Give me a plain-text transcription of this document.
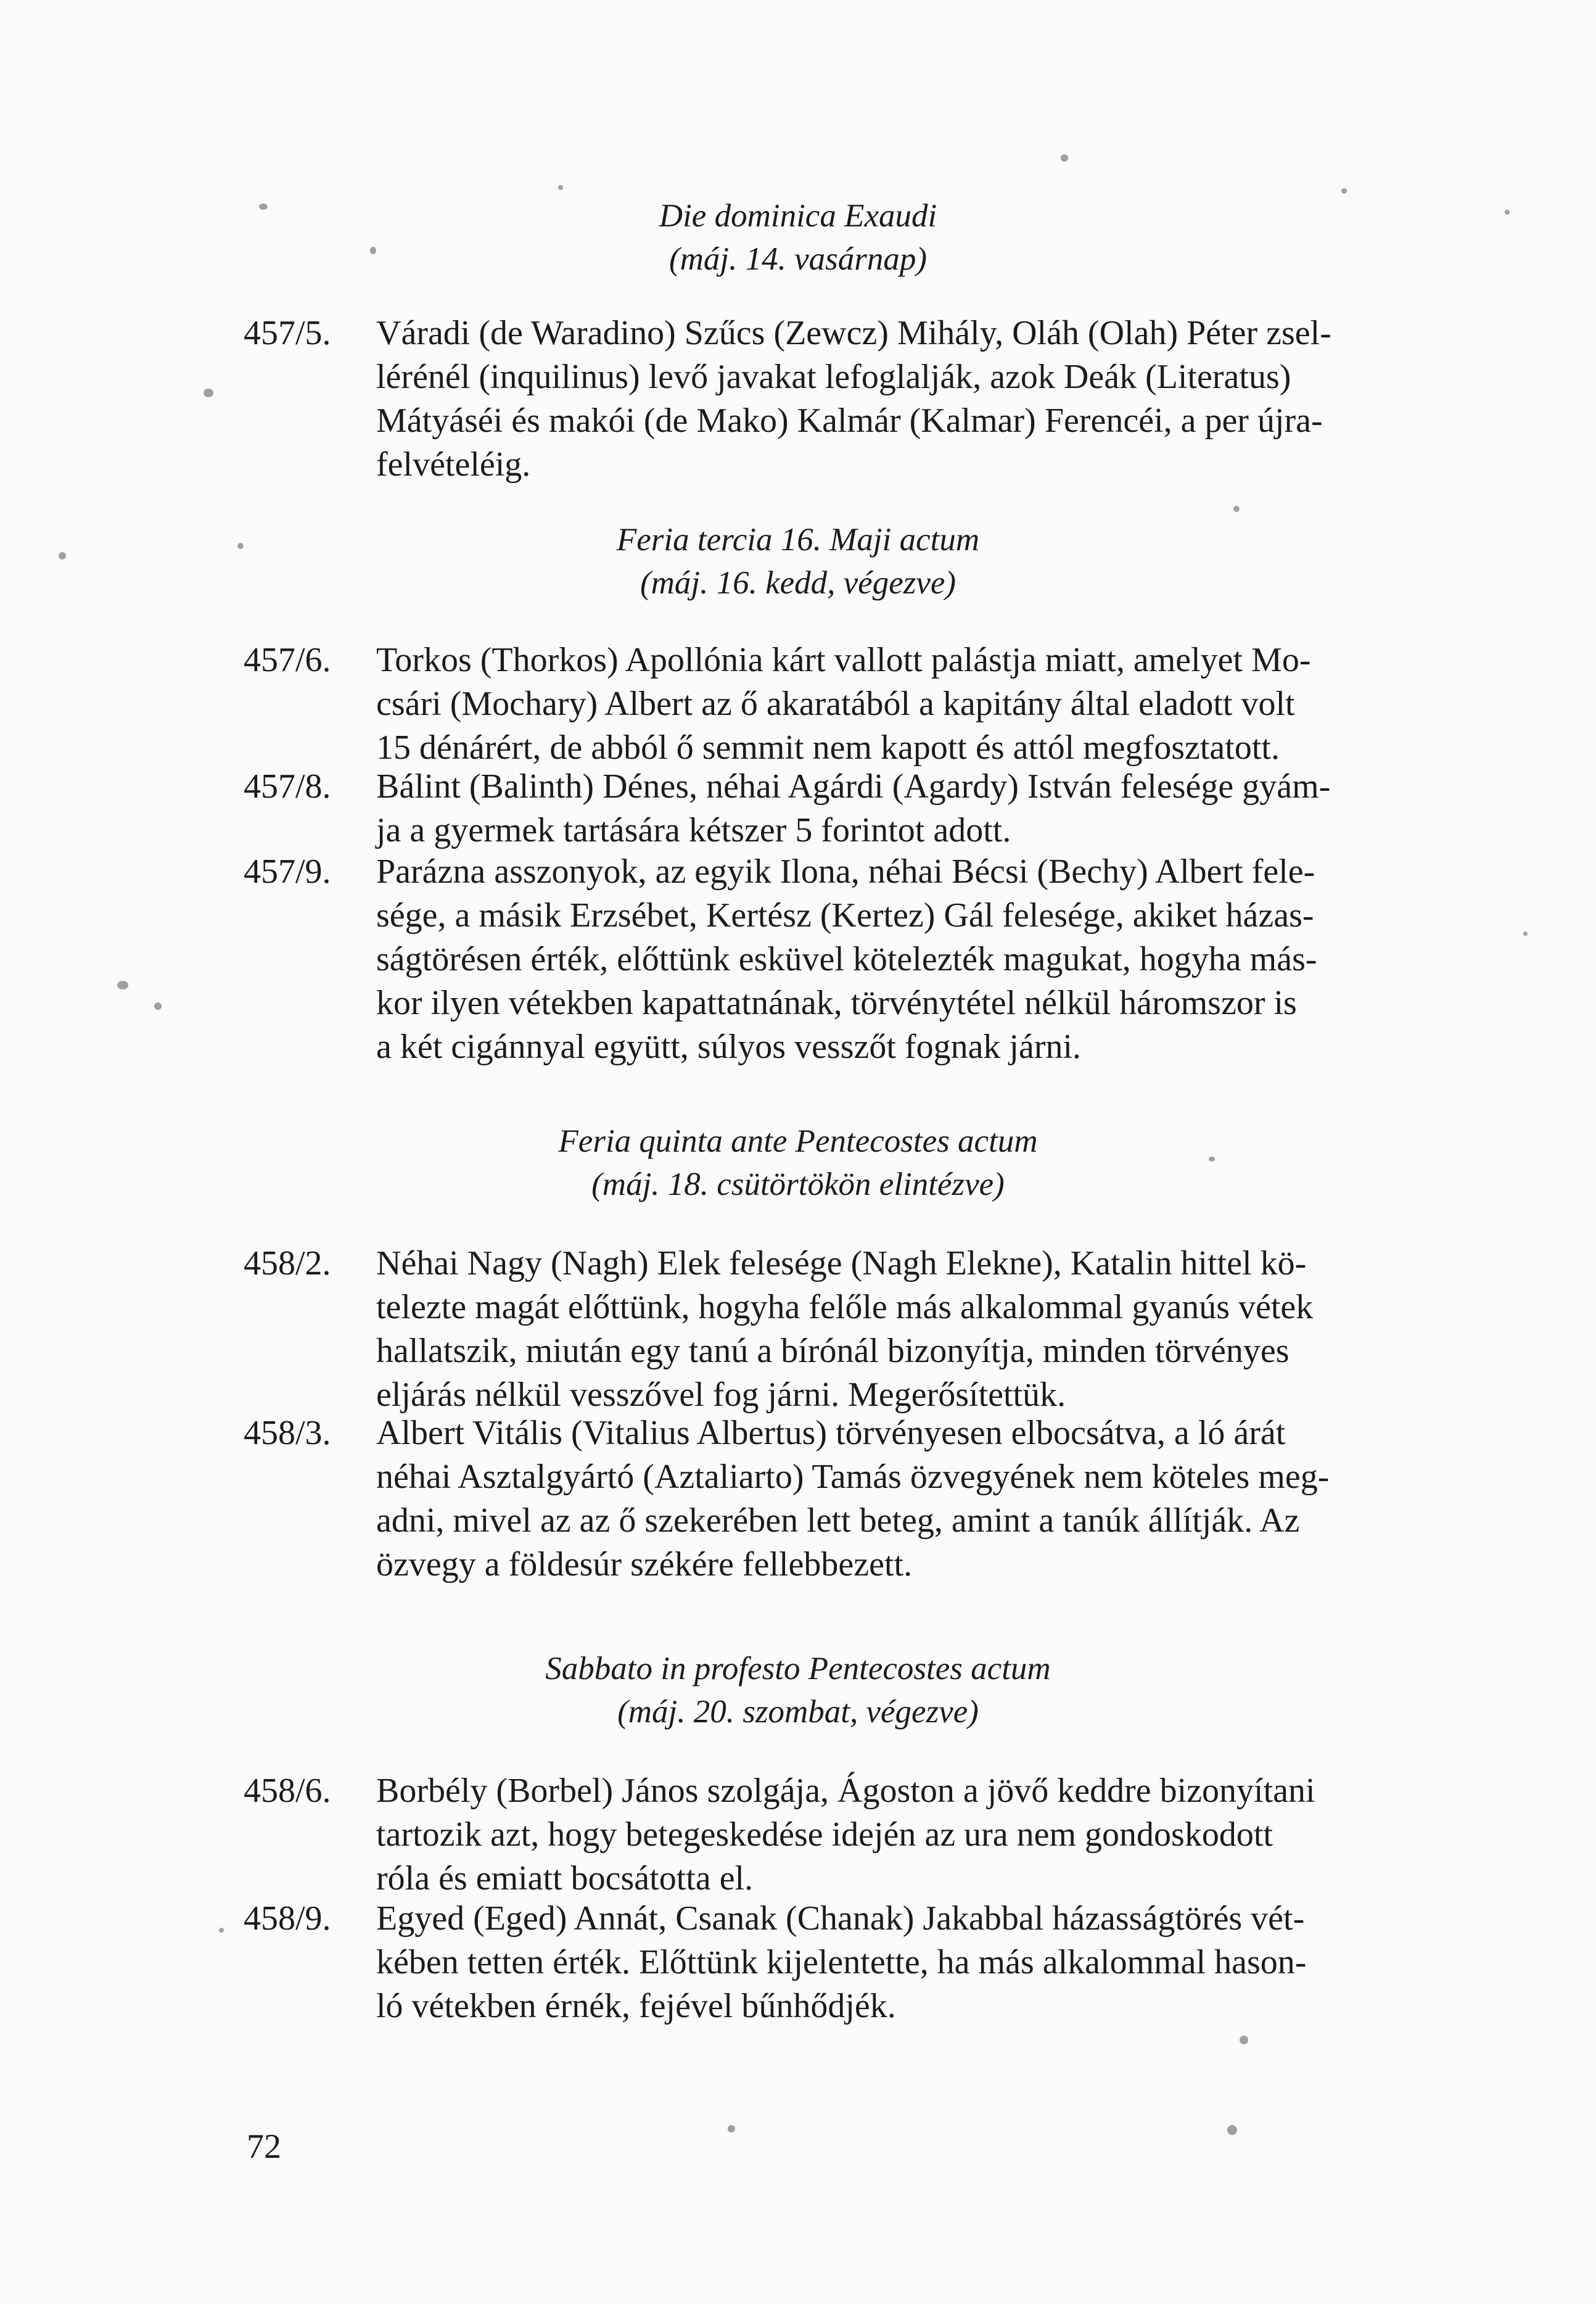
Die dominica Exaudi
(máj. 14. vasárnap)
457/5.	Váradi (de Waradino) Szűcs (Zewcz) Mihály, Oláh (Olah) Péter zsel-
lérénél (inquilinus) levő javakat lefoglalják, azok Deák (Literatus)
Mátyáséi és makói (de Mako) Kalmár (Kalmar) Ferencéi, a per újra-
felvételéig.
Feria tercia 16. Maji actum
(máj. 16. kedd, végezve)
457/6.	Torkos (Thorkos) Apollónia kárt vallott palástja miatt, amelyet Mo-
csári (Mochary) Albert az ő akaratából a kapitány által eladott volt
15 dénárért, de abból ő semmit nem kapott és attól megfosztatott.
457/8.	Bálint (Balinth) Dénes, néhai Agárdi (Agardy) István felesége gyám-
ja a gyermek tartására kétszer 5 forintot adott.
457/9.	Parázna asszonyok, az egyik Ilona, néhai Bécsi (Bechy) Albert fele-
sége, a másik Erzsébet, Kertész (Kertez) Gál felesége, akiket házas-
ságtörésen érték, előttünk esküvel kötelezték magukat, hogyha más-
kor ilyen vétekben kapattatnának, törvénytétel nélkül háromszor is
a két cigánnyal együtt, súlyos vesszőt fognak járni.
Feria quinta ante Pentecostes actum
(máj. 18. csütörtökön elintézve)
458/2.	Néhai Nagy (Nagh) Elek felesége (Nagh Elekne), Katalin hittel kö-
telezte magát előttünk, hogyha felőle más alkalommal gyanús vétek
hallatszik, miután egy tanú a bírónál bizonyítja, minden törvényes
eljárás nélkül vesszővel fog járni. Megerősítettük.
458/3.	Albert Vitális (Vitalius Albertus) törvényesen elbocsátva, a ló árát
néhai Asztalgyártó (Aztaliarto) Tamás özvegyének nem köteles meg-
adni, mivel az az ő szekerében lett beteg, amint a tanúk állítják. Az
özvegy a földesúr székére fellebbezett.
Sabbato in profesto Pentecostes actum
(máj. 20. szombat, végezve)
458/6.	Borbély (Borbel) János szolgája, Ágoston a jövő keddre bizonyítani
tartozik azt, hogy betegeskedése idején az ura nem gondoskodott
róla és emiatt bocsátotta el.
458/9.	Egyed (Eged) Annát, Csanak (Chanak) Jakabbal házasságtörés vét-
kében tetten érték. Előttünk kijelentette, ha más alkalommal hason-
ló vétekben érnék, fejével bűnhődjék.
72
